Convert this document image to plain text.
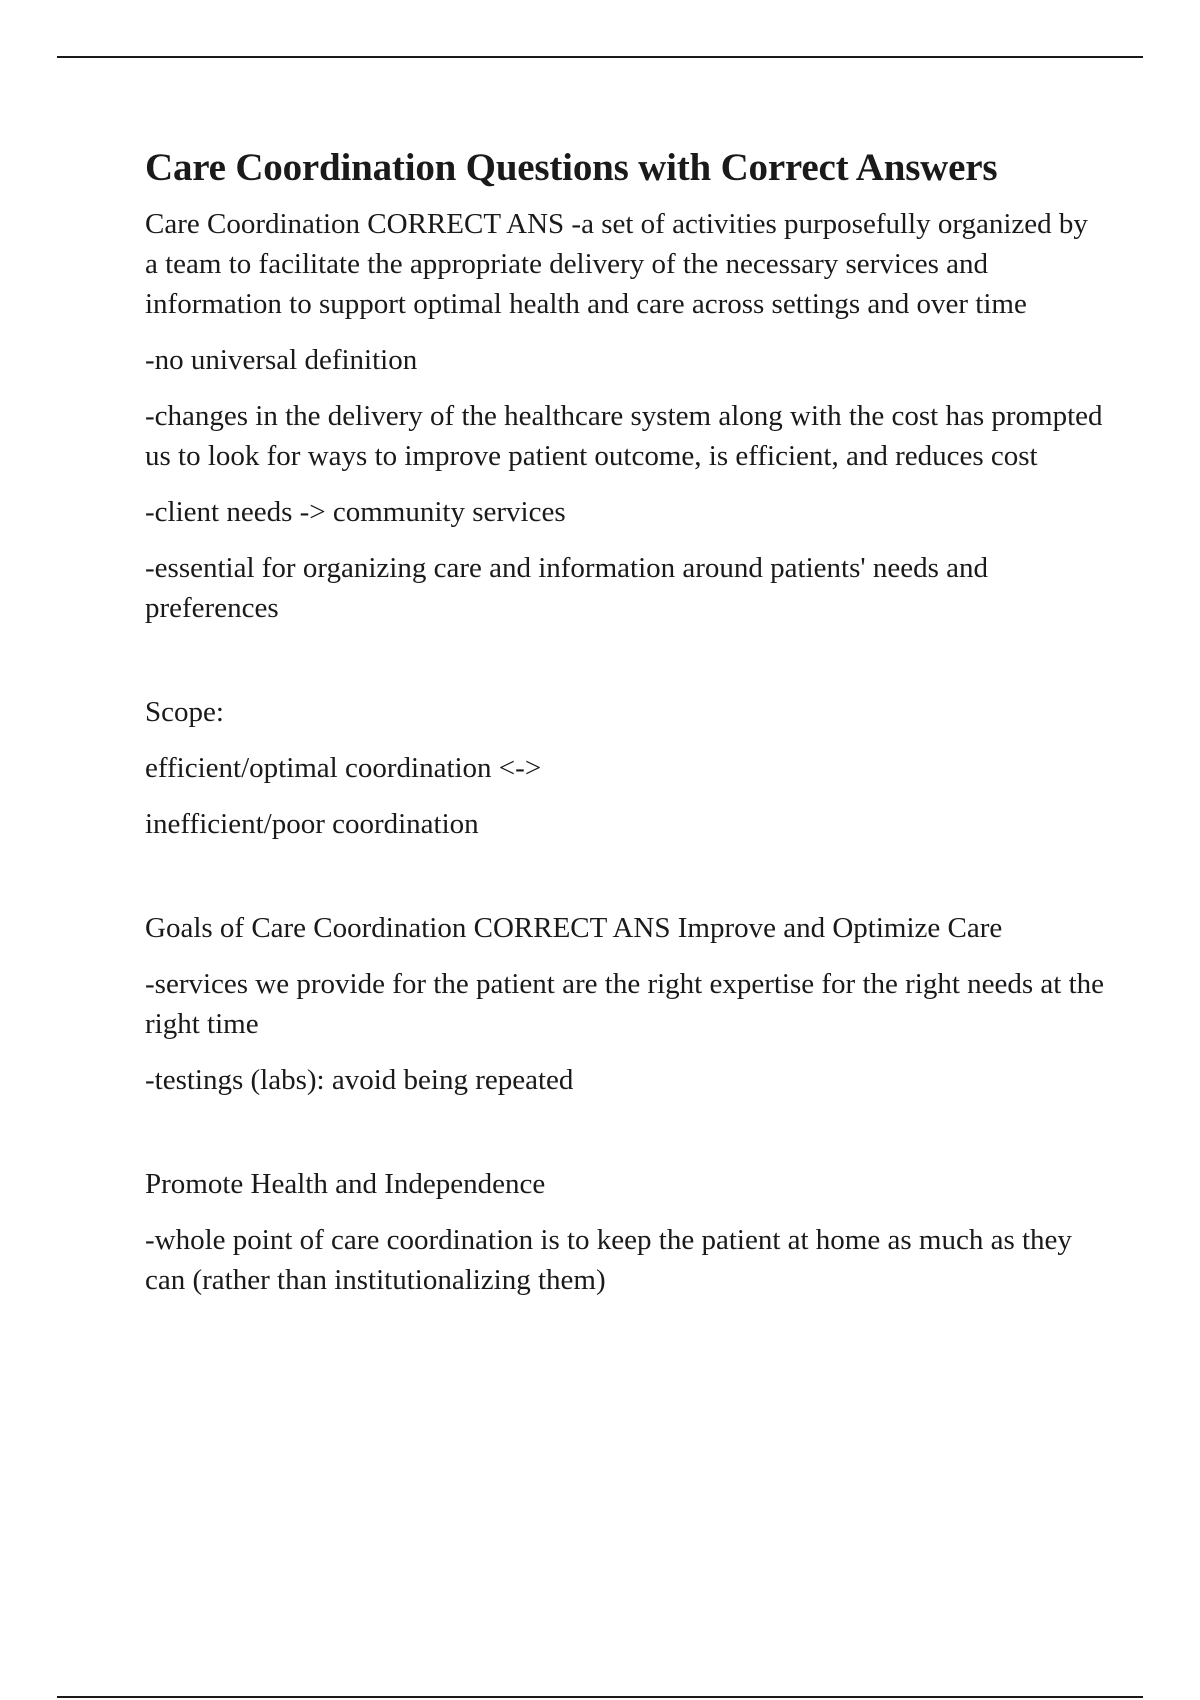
Care Coordination Questions with Correct Answers

Care Coordination CORRECT ANS -a set of activities purposefully organized by a team to facilitate the appropriate delivery of the necessary services and information to support optimal health and care across settings and over time

-no universal definition

-changes in the delivery of the healthcare system along with the cost has prompted us to look for ways to improve patient outcome, is efficient, and reduces cost

-client needs -> community services

-essential for organizing care and information around patients' needs and preferences

Scope:

efficient/optimal coordination <->

inefficient/poor coordination

Goals of Care Coordination CORRECT ANS Improve and Optimize Care

-services we provide for the patient are the right expertise for the right needs at the right time

-testings (labs): avoid being repeated

Promote Health and Independence

-whole point of care coordination is to keep the patient at home as much as they can (rather than institutionalizing them)
